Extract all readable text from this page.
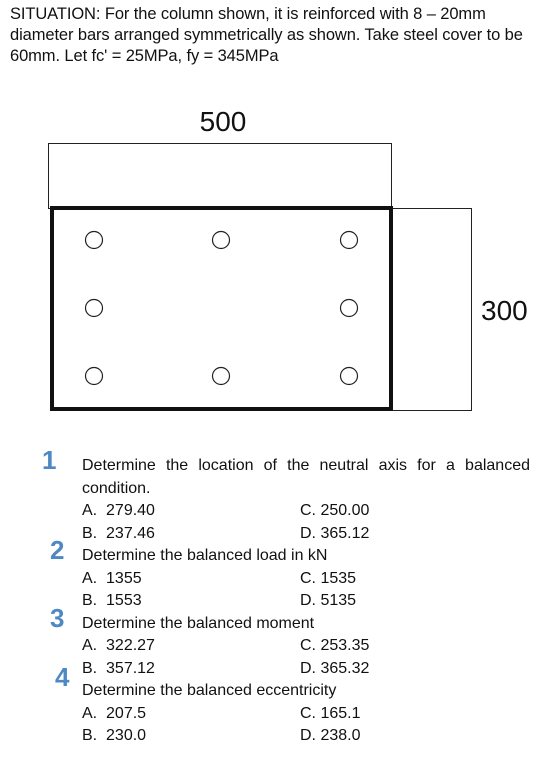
SITUATION: For the column shown, it is reinforced with 8 – 20mm diameter bars arranged symmetrically as shown. Take steel cover to be 60mm. Let fc' = 25MPa, fy = 345MPa
500
300
1 Determine the location of the neutral axis for a balanced condition.
A. 279.40	C. 250.00
B. 237.46	D. 365.12
2 Determine the balanced load in kN
A. 1355	C. 1535
B. 1553	D. 5135
3 Determine the balanced moment
A. 322.27	C. 253.35
B. 357.12	D. 365.32
4 Determine the balanced eccentricity
A. 207.5	C. 165.1
B. 230.0	D. 238.0
